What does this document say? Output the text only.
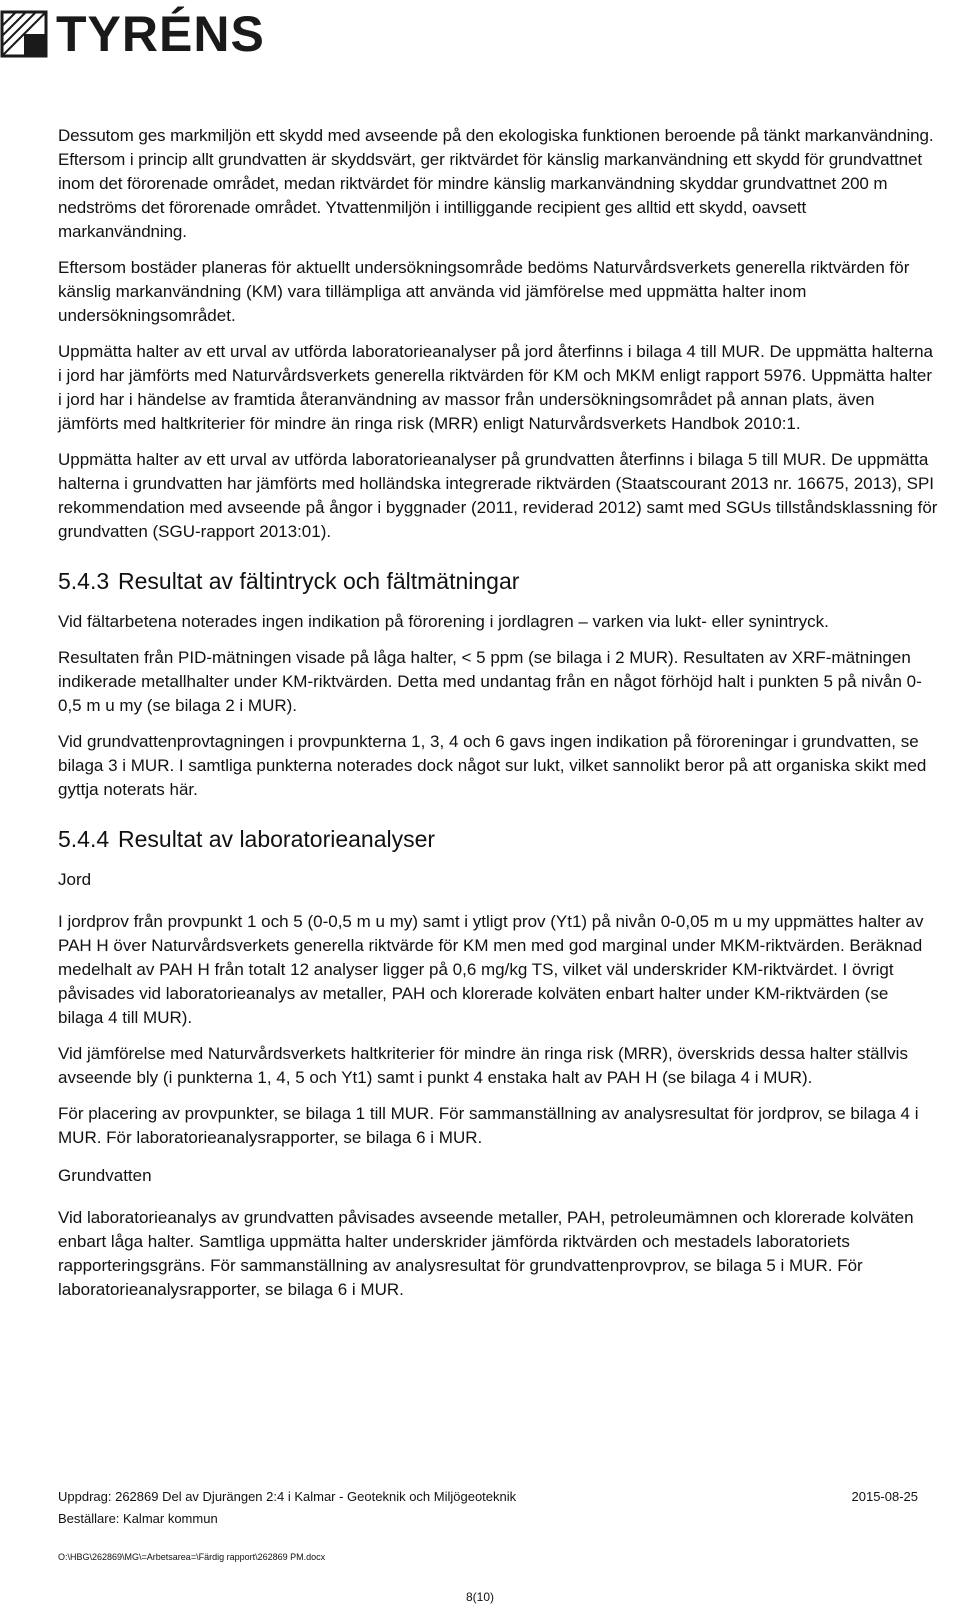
TYRÉNS

Dessutom ges markmiljön ett skydd med avseende på den ekologiska funktionen beroende på tänkt markanvändning. Eftersom i princip allt grundvatten är skyddsvärt, ger riktvärdet för känslig markanvändning ett skydd för grundvattnet inom det förorenade området, medan riktvärdet för mindre känslig markanvändning skyddar grundvattnet 200 m nedströms det förorenade området. Ytvattenmiljön i intilliggande recipient ges alltid ett skydd, oavsett markanvändning.

Eftersom bostäder planeras för aktuellt undersökningsområde bedöms Naturvårdsverkets generella riktvärden för känslig markanvändning (KM) vara tillämpliga att använda vid jämförelse med uppmätta halter inom undersökningsområdet.

Uppmätta halter av ett urval av utförda laboratorieanalyser på jord återfinns i bilaga 4 till MUR. De uppmätta halterna i jord har jämförts med Naturvårdsverkets generella riktvärden för KM och MKM enligt rapport 5976. Uppmätta halter i jord har i händelse av framtida återanvändning av massor från undersökningsområdet på annan plats, även jämförts med haltkriterier för mindre än ringa risk (MRR) enligt Naturvårdsverkets Handbok 2010:1.

Uppmätta halter av ett urval av utförda laboratorieanalyser på grundvatten återfinns i bilaga 5 till MUR. De uppmätta halterna i grundvatten har jämförts med holländska integrerade riktvärden (Staatscourant 2013 nr. 16675, 2013), SPI rekommendation med avseende på ångor i byggnader (2011, reviderad 2012) samt med SGUs tillståndsklassning för grundvatten (SGU-rapport 2013:01).

5.4.3 Resultat av fältintryck och fältmätningar

Vid fältarbetena noterades ingen indikation på förorening i jordlagren – varken via lukt- eller synintryck.

Resultaten från PID-mätningen visade på låga halter, < 5 ppm (se bilaga i 2 MUR). Resultaten av XRF-mätningen indikerade metallhalter under KM-riktvärden. Detta med undantag från en något förhöjd halt i punkten 5 på nivån 0-0,5 m u my (se bilaga 2 i MUR).

Vid grundvattenprovtagningen i provpunkterna 1, 3, 4 och 6 gavs ingen indikation på föroreningar i grundvatten, se bilaga 3 i MUR. I samtliga punkterna noterades dock något sur lukt, vilket sannolikt beror på att organiska skikt med gyttja noterats här.

5.4.4 Resultat av laboratorieanalyser
Jord

I jordprov från provpunkt 1 och 5 (0-0,5 m u my) samt i ytligt prov (Yt1) på nivån 0-0,05 m u my uppmättes halter av PAH H över Naturvårdsverkets generella riktvärde för KM men med god marginal under MKM-riktvärden. Beräknad medelhalt av PAH H från totalt 12 analyser ligger på 0,6 mg/kg TS, vilket väl underskrider KM-riktvärdet. I övrigt påvisades vid laboratorieanalys av metaller, PAH och klorerade kolväten enbart halter under KM-riktvärden (se bilaga 4 till MUR).

Vid jämförelse med Naturvårdsverkets haltkriterier för mindre än ringa risk (MRR), överskrids dessa halter ställvis avseende bly (i punkterna 1, 4, 5 och Yt1) samt i punkt 4 enstaka halt av PAH H (se bilaga 4 i MUR).

För placering av provpunkter, se bilaga 1 till MUR. För sammanställning av analysresultat för jordprov, se bilaga 4 i MUR. För laboratorieanalysrapporter, se bilaga 6 i MUR.

Grundvatten

Vid laboratorieanalys av grundvatten påvisades avseende metaller, PAH, petroleumämnen och klorerade kolväten enbart låga halter. Samtliga uppmätta halter underskrider jämförda riktvärden och mestadels laboratoriets rapporteringsgräns. För sammanställning av analysresultat för grundvattenprovprov, se bilaga 5 i MUR. För laboratorieanalysrapporter, se bilaga 6 i MUR.

Uppdrag: 262869 Del av Djurängen 2:4 i Kalmar - Geoteknik och Miljögeoteknik	2015-08-25
Beställare: Kalmar kommun
O:\HBG\262869\MG\=Arbetsarea=\Färdig rapport\262869 PM.docx
8(10)
